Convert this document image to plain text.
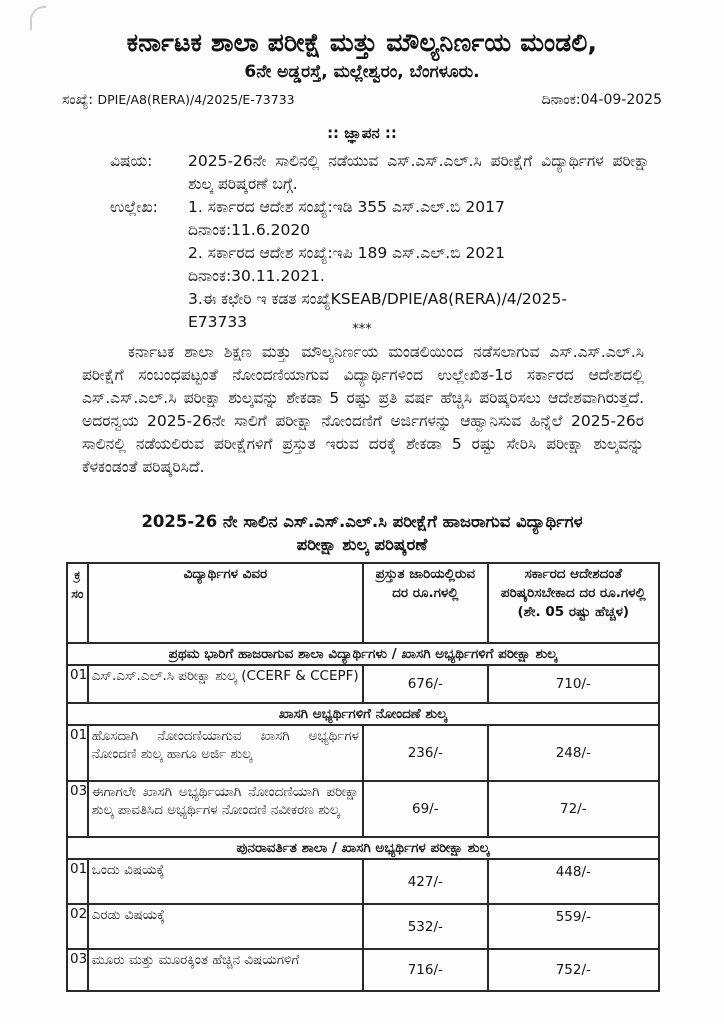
ಕರ್ನಾಟಕ ಶಾಲಾ ಪರೀಕ್ಷೆ ಮತ್ತು ಮೌಲ್ಯನಿರ್ಣಯ ಮಂಡಲಿ,
6ನೇ ಅಡ್ಡರಸ್ತೆ, ಮಲ್ಲೇಶ್ವರಂ, ಬೆಂಗಳೂರು.
ಸಂಖ್ಯೆ: DPIE/A8(RERA)/4/2025/E-73733	ದಿನಾಂಕ:04-09-2025
:: ಜ್ಞಾಪನ ::
ವಿಷಯ:	2025-26ನೇ ಸಾಲಿನಲ್ಲಿ ನಡೆಯುವ ಎಸ್.ಎಸ್.ಎಲ್.ಸಿ ಪರೀಕ್ಷೆಗೆ ವಿದ್ಯಾರ್ಥಿಗಳ ಪರೀಕ್ಷಾ ಶುಲ್ಕ ಪರಿಷ್ಕರಣೆ ಬಗ್ಗೆ.
ಉಲ್ಲೇಖ:	1. ಸರ್ಕಾರದ ಆದೇಶ ಸಂಖ್ಯೆ:ಇಡಿ 355 ಎಸ್.ಎಲ್.ಬಿ 2017
ದಿನಾಂಕ:11.6.2020
2. ಸರ್ಕಾರದ ಆದೇಶ ಸಂಖ್ಯೆ:ಇಪಿ 189 ಎಸ್.ಎಲ್.ಬಿ 2021
ದಿನಾಂಕ:30.11.2021.
3.ಈ ಕಛೇರಿ ಇ ಕಡತ ಸಂಖ್ಯೆKSEAB/DPIE/A8(RERA)/4/2025-
E73733	***
ಕರ್ನಾಟಕ ಶಾಲಾ ಶಿಕ್ಷಣ ಮತ್ತು ಮೌಲ್ಯನಿರ್ಣಯ ಮಂಡಲಿಯಿಂದ ನಡೆಸಲಾಗುವ ಎಸ್.ಎಸ್.ಎಲ್.ಸಿ ಪರೀಕ್ಷೆಗೆ ಸಂಬಂಧಪಟ್ಟಂತೆ ನೋಂದಣಿಯಾಗುವ ವಿದ್ಯಾರ್ಥಿಗಳಿಂದ ಉಲ್ಲೇಖಿತ-1ರ ಸರ್ಕಾರದ ಆದೇಶದಲ್ಲಿ ಎಸ್.ಎಸ್.ಎಲ್.ಸಿ ಪರೀಕ್ಷಾ ಶುಲ್ಕವನ್ನು ಶೇಕಡಾ 5 ರಷ್ಟು ಪ್ರತಿ ವರ್ಷ ಹೆಚ್ಚಿಸಿ ಪರಿಷ್ಕರಿಸಲು ಆದೇಶವಾಗಿರುತ್ತದೆ. ಅದರನ್ವಯ 2025-26ನೇ ಸಾಲಿಗೆ ಪರೀಕ್ಷಾ ನೋಂದಣಿಗೆ ಅರ್ಜಿಗಳನ್ನು ಆಹ್ವಾನಿಸುವ ಹಿನ್ನೆಲೆ 2025-26ರ ಸಾಲಿನಲ್ಲಿ ನಡೆಯಲಿರುವ ಪರೀಕ್ಷೆಗಳಿಗೆ ಪ್ರಸ್ತುತ ಇರುವ ದರಕ್ಕೆ ಶೇಕಡಾ 5 ರಷ್ಟು ಸೇರಿಸಿ ಪರೀಕ್ಷಾ ಶುಲ್ಕವನ್ನು ಕೆಳಕಂಡಂತೆ ಪರಿಷ್ಕರಿಸಿದೆ.
2025-26 ನೇ ಸಾಲಿನ ಎಸ್.ಎಸ್.ಎಲ್.ಸಿ ಪರೀಕ್ಷೆಗೆ ಹಾಜರಾಗುವ ವಿದ್ಯಾರ್ಥಿಗಳ
ಪರೀಕ್ಷಾ ಶುಲ್ಕ ಪರಿಷ್ಕರಣೆ
ಕ್ರ ಸಂ	ವಿದ್ಯಾರ್ಥಿಗಳ ವಿವರ	ಪ್ರಸ್ತುತ ಜಾರಿಯಲ್ಲಿರುವ ದರ ರೂ.ಗಳಲ್ಲಿ	ಸರ್ಕಾರದ ಆದೇಶದಂತೆ ಪರಿಷ್ಕರಿಸಬೇಕಾದ ದರ ರೂ.ಗಳಲ್ಲಿ
(ಶೇ. 05 ರಷ್ಟು ಹೆಚ್ಚಳ)

ಪ್ರಥಮ ಭಾರಿಗೆ ಹಾಜರಾಗುವ ಶಾಲಾ ವಿದ್ಯಾರ್ಥಿಗಳು / ಖಾಸಗಿ ಅಭ್ಯರ್ಥಿಗಳಿಗೆ ಪರೀಕ್ಷಾ ಶುಲ್ಕ			
01	ಎಸ್.ಎಸ್.ಎಲ್.ಸಿ ಪರೀಕ್ಷಾ ಶುಲ್ಕ (CCERF & CCEPF)	676/-	710/-
ಖಾಸಗಿ ಅಭ್ಯರ್ಥಿಗಳಿಗೆ ನೋಂದಣೆ ಶುಲ್ಕ			
01	ಹೊಸದಾಗಿ ನೋಂದಣಿಯಾಗುವ ಖಾಸಗಿ ಅಭ್ಯರ್ಥಿಗಳ ನೋಂದಣಿ ಶುಲ್ಕ ಹಾಗೂ ಅರ್ಜಿ ಶುಲ್ಕ	236/-	248/-
03	ಈಗಾಗಲೇ ಖಾಸಗಿ ಅಭ್ಯರ್ಥಿಯಾಗಿ ನೋಂದಣಿಯಾಗಿ ಪರೀಕ್ಷಾ ಶುಲ್ಕ ಪಾವತಿಸಿದ ಅಭ್ಯರ್ಥಿಗಳ ನೋಂದಣಿ ನವೀಕರಣ ಶುಲ್ಕ	69/-	72/-
ಪುನರಾವರ್ತಿತ ಶಾಲಾ / ಖಾಸಗಿ ಅಭ್ಯರ್ಥಿಗಳ ಪರೀಕ್ಷಾ ಶುಲ್ಕ			
01	ಒಂದು ವಿಷಯಕ್ಕೆ	427/-	448/-
02	ಎರಡು ವಿಷಯಕ್ಕೆ	532/-	559/-
03	ಮೂರು ಮತ್ತು ಮೂರಕ್ಕಿಂತ ಹೆಚ್ಚಿನ ವಿಷಯಗಳಿಗೆ	716/-	752/-
